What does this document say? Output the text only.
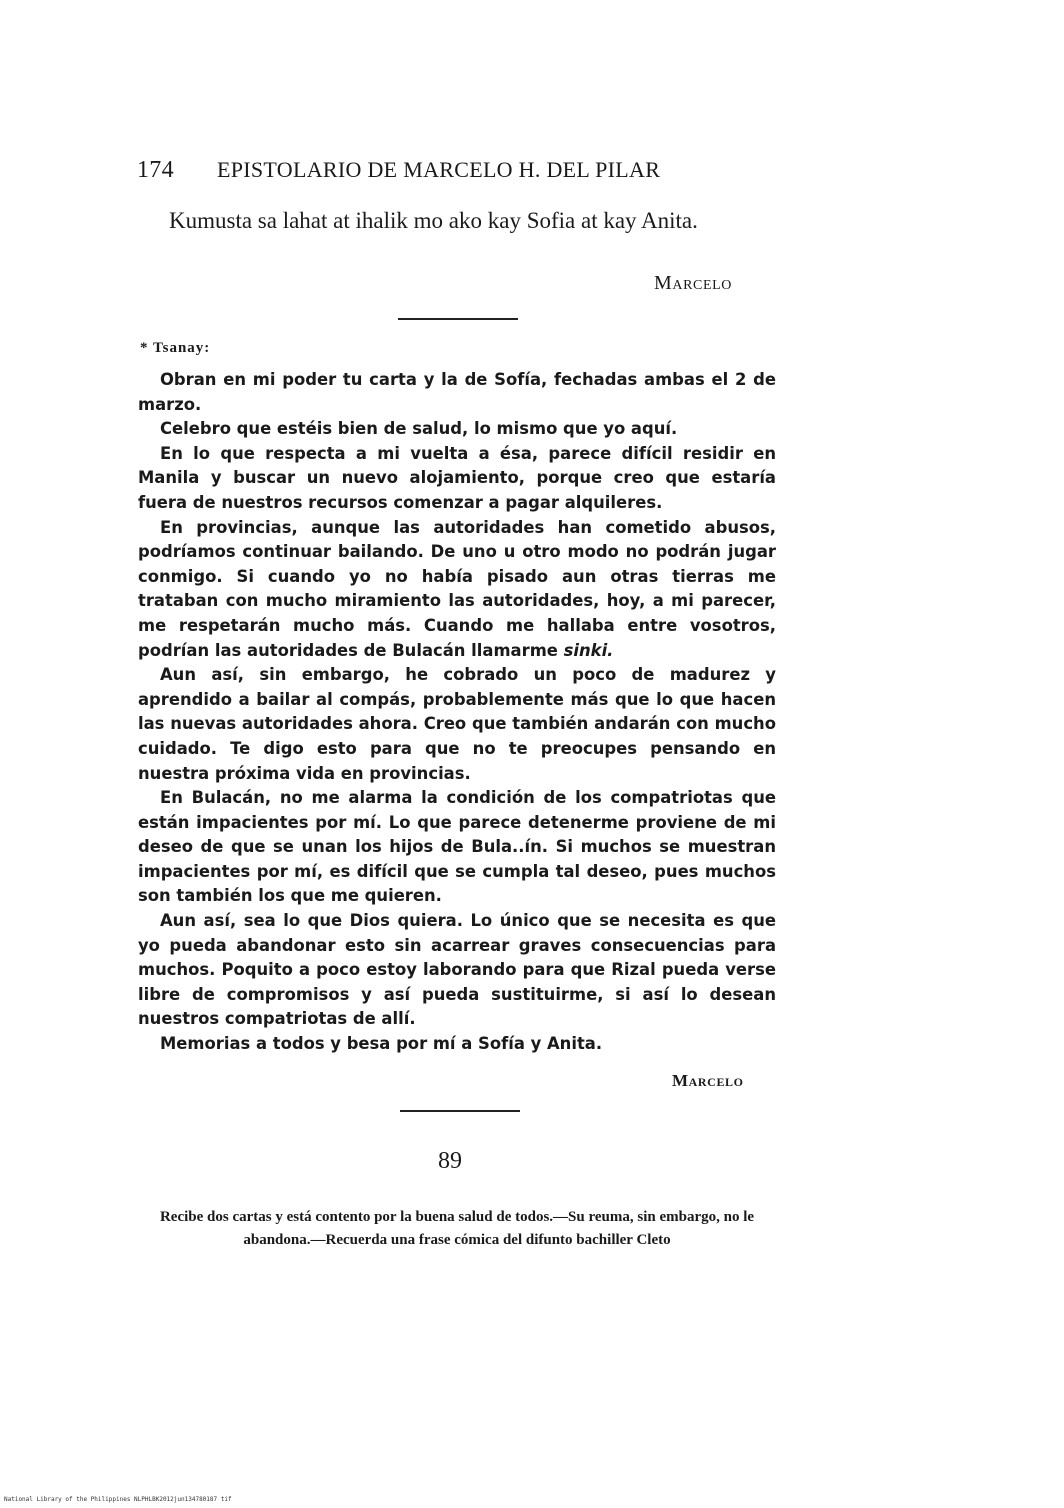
174 EPISTOLARIO DE MARCELO H. DEL PILAR
Kumusta sa lahat at ihalik mo ako kay Sofia at kay Anita.
Marcelo
* Tsanay:

Obran en mi poder tu carta y la de Sofía, fechadas ambas el 2 de marzo.

Celebro que estéis bien de salud, lo mismo que yo aquí.

En lo que respecta a mi vuelta a ésa, parece difícil residir en Manila y buscar un nuevo alojamiento, porque creo que estaría fuera de nuestros recursos comenzar a pagar alquileres.

En provincias, aunque las autoridades han cometido abusos, podríamos continuar bailando. De uno u otro modo no podrán jugar conmigo. Si cuando yo no había pisado aun otras tierras me trataban con mucho miramiento las autoridades, hoy, a mi parecer, me respetarán mucho más. Cuando me hallaba entre vosotros, podrían las autoridades de Bulacán llamarme sinki.

Aun así, sin embargo, he cobrado un poco de madurez y aprendido a bailar al compás, probablemente más que lo que hacen las nuevas autoridades ahora. Creo que también andarán con mucho cuidado. Te digo esto para que no te preocupes pensando en nuestra próxima vida en provincias.

En Bulacán, no me alarma la condición de los compatriotas que están impacientes por mí. Lo que parece detenerme proviene de mi deseo de que se unan los hijos de Bula..ín. Si muchos se muestran impacientes por mí, es difícil que se cumpla tal deseo, pues muchos son también los que me quieren.

Aun así, sea lo que Dios quiera. Lo único que se necesita es que yo pueda abandonar esto sin acarrear graves consecuencias para muchos. Poquito a poco estoy laborando para que Rizal pueda verse libre de compromisos y así pueda sustituirme, si así lo desean nuestros compatriotas de allí.

Memorias a todos y besa por mí a Sofía y Anita.

Marcelo
89
Recibe dos cartas y está contento por la buena salud de todos.—Su reuma, sin embargo, no le abandona.—Recuerda una frase cómica del difunto bachiller Cleto
National Library of the Philippines NLPHLBK2012jun134780187 tif
